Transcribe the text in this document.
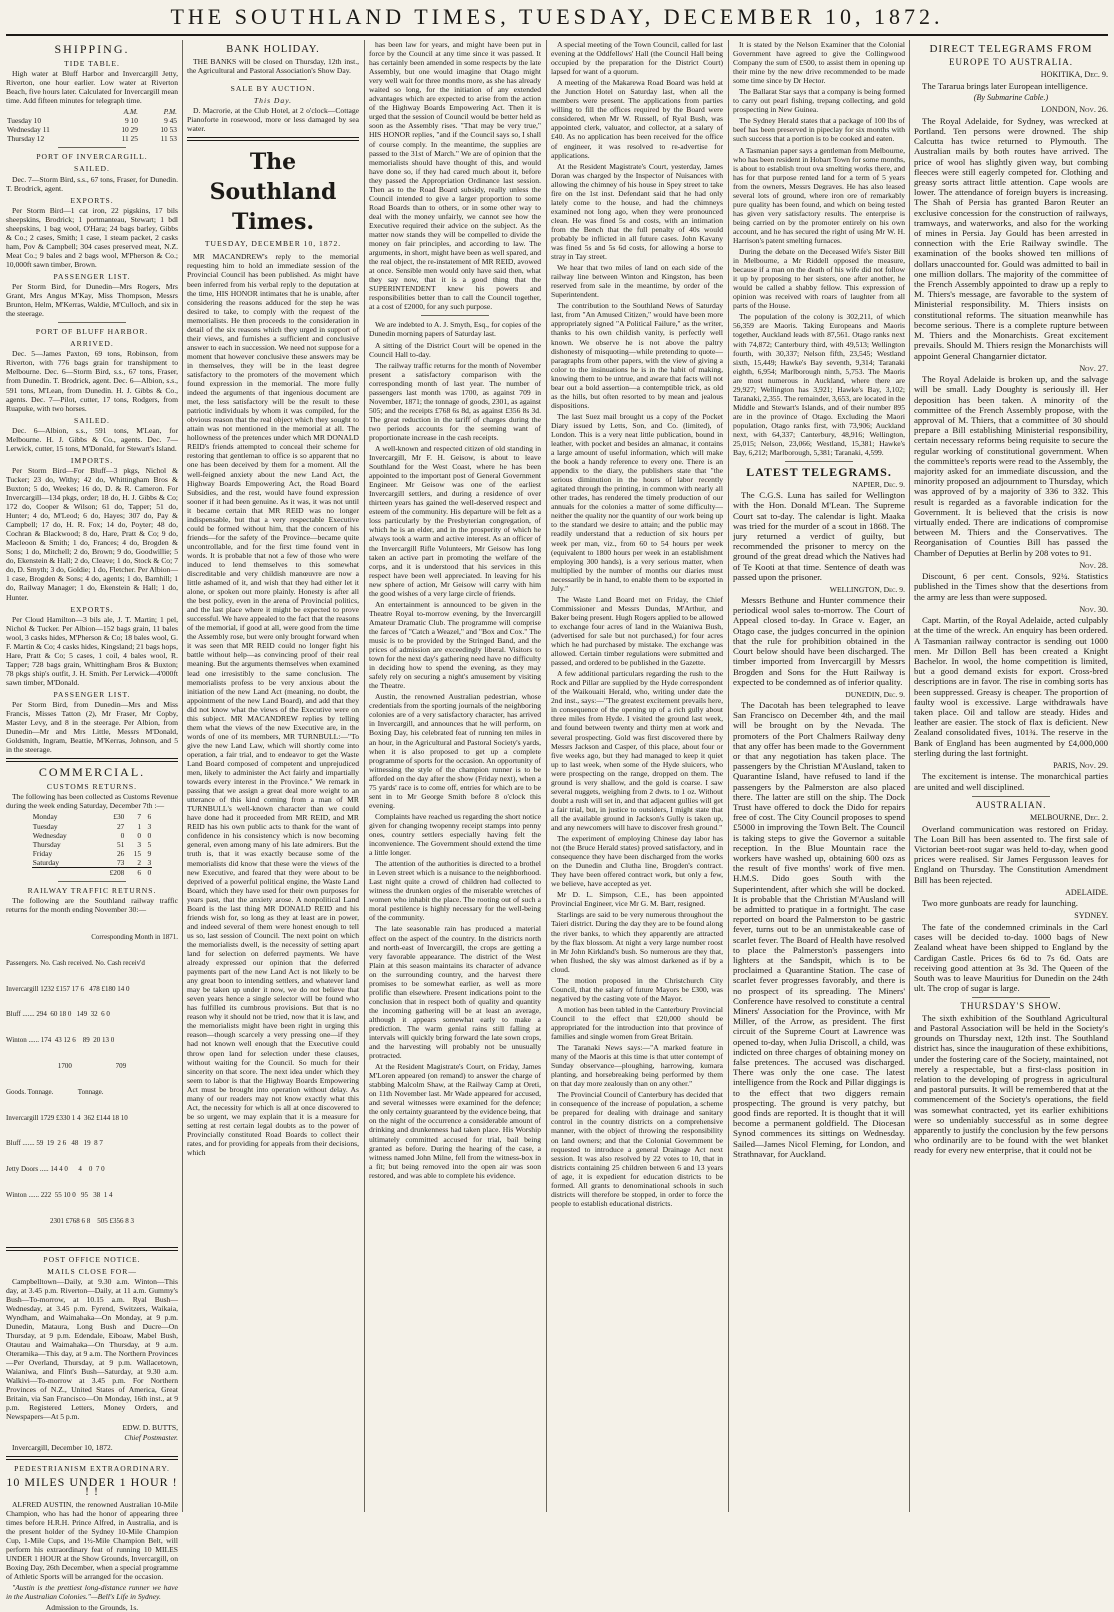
THE SOUTHLAND TIMES, TUESDAY, DECEMBER 10, 1872.
SHIPPING.
TIDE TABLE.

High water at Bluff Harbor and Invercargill Jetty, Riverton, one hour earlier. Low water at Riverton Beach, five hours later. Calculated for Invercargill mean time. Add fifteen minutes for telegraph time.

	A.M.	P.M.
Tuesday 10	9 10	9 45
Wednesday 11	10 29	10 53
Thursday 12	11 25	11 53
PORT OF INVERCARGILL.
SAILED.

Dec. 7—Storm Bird, s.s., 67 tons, Fraser, for Dunedin. T. Brodrick, agent.

EXPORTS.

Per Storm Bird—1 cat iron, 22 pigskins, 17 bils sheepskins, Brodrick; 1 portmanteau, Stewart; 1 bdl sheepskins, 1 bag wool, O'Hara; 24 bags barley, Gibbs & Co.; 2 cases, Smith; 1 case, 1 steam packet, 2 casks ham, Pov & Campbell; 304 cases preserved meat, N.Z. Meat Co.; 9 bales and 2 bags wool, M'Pherson & Co.; 10,000ft sawn timber, Brown.

PASSENGER LIST.

Per Storm Bird, for Dunedin—Mrs Rogers, Mrs Grant, Mrs Angus M'Kay, Miss Thompson, Messrs Brunton, Helm, M'Kerras, Waldie, M'Culloch, and six in the steerage.

PORT OF BLUFF HARBOR.
ARRIVED.

Dec. 5—James Paxton, 69 tons, Robinson, from Riverton, with 776 bags grain for transhipment to Melbourne. Dec. 6—Storm Bird, s.s., 67 tons, Fraser, from Dunedin. T. Brodrick, agent. Dec. 6—Albion, s.s., 591 tons, M'Lean, from Dunedin. H. J. Gibbs & Co., agents. Dec. 7—Pilot, cutter, 17 tons, Rodgers, from Ruapuke, with two horses.

SAILED.

Dec. 6—Albion, s.s., 591 tons, M'Lean, for Melbourne. H. J. Gibbs & Co., agents. Dec. 7—Lerwick, cutter, 15 tons, M'Donald, for Stewart's Island.

IMPORTS.

Per Storm Bird—For Bluff—3 pkgs, Nichol & Tucker; 23 do, Withy; 42 do, Whittingham Bros & Buxton; 5 do, Weekes; 16 do, D. & R. Cameron. For Invercargill—134 pkgs, order; 18 do, H. J. Gibbs & Co; 172 do, Cooper & Wilson; 61 do, Tapper; 51 do, Hunter; 4 do, M'Leod; 6 do, Hayes; 307 do, Pay & Campbell; 17 do, H. R. Fox; 14 do, Poyter; 48 do, Cochran & Blackwood; 8 do, Hare, Pratt & Co; 9 do, Macleoon & Smith; 1 do, Frances; 4 do, Brogden & Sons; 1 do, Mitchell; 2 do, Brown; 9 do, Goodwillie; 5 do, Ekenstein & Hall; 2 do, Cleave; 1 do, Stock & Co; 7 do, D. Smyth; 3 do, Goldie; 1 do, Fletcher. Per Albion—1 case, Brogden & Sons; 4 do, agents; 1 do, Barnhill; 1 do, Railway Manager; 1 do, Ekenstein & Hall; 1 do, Hunter.

EXPORTS.

Per Cloud Hamilton—3 bils ale, J. T. Martin; 1 pel, Nichol & Tucker. Per Albion—152 bags grain, 11 bales wool, 3 casks hides, M'Pherson & Co; 18 bales wool, G. F. Martin & Co; 4 casks hides, Kingsland; 21 bags hops, Hare, Pratt & Co; 5 cases, 1 coil, 4 bales wool, R. Tapper; 728 bags grain, Whittingham Bros & Buxton; 78 pkgs ship's outfit, J. H. Smith. Per Lerwick—4'000ft sawn timber, M'Donald.

PASSENGER LIST.

Per Storm Bird, from Dunedin—Mrs and Miss Francis, Misses Tatton (2), Mr Fraser, Mr Copby, Master Levy, and 8 in the steerage. Per Albion, from Dunedin—Mr and Mrs Little, Messrs M'Donald, Goldsmith, Ingram, Beattie, M'Kerras, Johnson, and 5 in the steerage.

COMMERCIAL.
CUSTOMS RETURNS.

The following has been collected as Customs Revenue during the week ending Saturday, December 7th :—

Monday	£30	7	6
Tuesday	27	1	3
Wednesday	0	0	0
Thursday	51	3	5
Friday	26	15	9
Saturday	73	2	3
	£208	6	0
RAILWAY TRAFFIC RETURNS.

The following are the Southland railway traffic returns for the month ending November 30:—

Corresponding Month in 1871.

Passengers. No. Cash received. No. Cash receiv'd

Invercargill 1232 £157 17 6   478 £180 14 0

Bluff ....... 294  60 18 0   149  32  6 0

Winton ...... 174  43 12 6    89  20 13 0

1700                         709

Goods. Tonnage.              Tonnage.

Invercargill 1729 £330 1 4  362 £144 18 10

Bluff ....... 59  19  2 6   48   19  8 7

Jetty Doors ..... 14 4 0      4    0  7 0

Winton ...... 222  55 10 0   95   38  1 4

2301 £768 6 8    505 £356 8 3

POST OFFICE NOTICE.
MAILS CLOSE FOR—

Campbelltown—Daily, at 9.30 a.m. Winton—This day, at 3.45 p.m. Riverton—Daily, at 11 a.m. Gummy's Bush—To-morrow, at 10.15 a.m. Ryal Bush—Wednesday, at 3.45 p.m. Fyrend, Switzers, Waikaia, Wyndham, and Waimahaka—On Monday, at 9 p.m. Dunedin, Mataura, Long Bush and Ducre—On Thursday, at 9 p.m. Edendale, Eiboaw, Mabel Bush, Otautau and Waimahaka—On Thursday, at 9 a.m. Oteramika—This day, at 9 a.m. The Northern Provinces—Per Overland, Thursday, at 9 p.m. Wallacetown, Waianiwa, and Flint's Bush—Saturday, at 9.30 a.m. Walkivi—To-morrow at 3.45 p.m. For Northern Provinces of N.Z., United States of America, Great Britain, via San Francisco—On Monday, 16th inst., at 9 p.m. Registered Letters, Money Orders, and Newspapers—At 5 p.m.

EDW. D. BUTTS,

Chief Postmaster.

Invercargill, December 10, 1872.

PEDESTRIANISM EXTRAORDINARY.
10 MILES UNDER 1 HOUR ! ! !

ALFRED AUSTIN, the renowned Australian 10-Mile Champion, who has had the honor of appearing three times before H.R.H. Prince Alfred, in Australia, and is the present holder of the Sydney 10-Mile Champion Cup, 1-Mile Cups, and 1½-Mile Champion Belt, will perform his extraordinary feat of running 10 MILES UNDER 1 HOUR at the Show Grounds, Invercargill, on Boxing Day, 26th December, when a special programme of Athletic Sports will be arranged for the occasion.

"Austin is the prettiest long-distance runner we have in the Australian Colonies."—Bell's Life in Sydney.

Admission to the Grounds, 1s.

BANK HOLIDAY.

THE BANKS will be closed on Thursday, 12th inst., the Agricultural and Pastoral Association's Show Day.

SALE BY AUCTION.
This Day.

D. Macrorie, at the Club Hotel, at 2 o'clock—Cottage Pianoforte in rosewood, more or less damaged by sea water.

The Southland Times.
TUESDAY, DECEMBER 10, 1872.

MR MACANDREW's reply to the memorial requesting him to hold an immediate session of the Provincial Council has been published. As might have been inferred from his verbal reply to the deputation at the time, HIS HONOR intimates that he is unable, after considering the reasons adduced for the step he was desired to take, to comply with the request of the memorialists. He then proceeds to the consideration in detail of the six reasons which they urged in support of their views, and furnishes a sufficient and conclusive answer to each in succession. We need not suppose for a moment that however conclusive these answers may be in themselves, they will be in the least degree satisfactory to the promoters of the movement which found expression in the memorial. The more fully indeed the arguments of that ingenious document are met, the less satisfactory will be the result to these patriotic individuals by whom it was compiled, for the obvious reason that the real object which they sought to attain was not mentioned in the memorial at all. The hollowness of the pretences under which MR DONALD REID's friends attempted to conceal their scheme for restoring that gentleman to office is so apparent that no one has been deceived by them for a moment. All the well-feigned anxiety about the new Land Act, the Highway Boards Empowering Act, the Road Board Subsidies, and the rest, would have found expression sooner if it had been genuine. As it was, it was not until it became certain that MR REID was no longer indispensable, but that a very respectable Executive could be formed without him, that the concern of his friends—for the safety of the Province—became quite uncontrollable, and for the first time found vent in words. It is probable that not a few of those who were induced to lend themselves to this somewhat discreditable and very childish manœuvre are now a little ashamed of it, and wish that they had either let it alone, or spoken out more plainly. Honesty is after all the best policy, even in the arena of Provincial politics, and the last place where it might be expected to prove successful. We have appealed to the fact that the reasons of the memorial, if good at all, were good from the time the Assembly rose, but were only brought forward when it was seen that MR REID could no longer fight his battle without help—as convincing proof of their real meaning. But the arguments themselves when examined lead one irresistibly to the same conclusion. The memorialists profess to be very anxious about the initiation of the new Land Act (meaning, no doubt, the appointment of the new Land Board), and add that they did not know what the views of the Executive were on this subject. MR MACANDREW replies by telling them what the views of the new Executive are, in the words of one of its members, MR TURNBULL:—"To give the new Land Law, which will shortly come into operation, a fair trial, and to endeavor to get the Waste Land Board composed of competent and unprejudiced men, likely to administer the Act fairly and impartially towards every interest in the Province." We remark in passing that we assign a great deal more weight to an utterance of this kind coming from a man of MR TURNBULL's well-known character than we could have done had it proceeded from MR REID, and MR REID has his own public acts to thank for the want of confidence in his consistency which is now becoming general, even among many of his late admirers. But the truth is, that it was exactly because some of the memorialists did know that these were the views of the new Executive, and feared that they were about to be deprived of a powerful political engine, the Waste Land Board, which they have used for their own purposes for years past, that the anxiety arose. A nonpolitical Land Board is the last thing MR DONALD REID and his friends wish for, so long as they at least are in power, and indeed several of them were honest enough to tell us so, last session of Council. The next point on which the memorialists dwell, is the necessity of setting apart land for selection on deferred payments. We have already expressed our opinion that the deferred payments part of the new Land Act is not likely to be any great boon to intending settlers, and whatever land may be taken up under it now, we do not believe that seven years hence a single selector will be found who has fulfilled its cumbrous provisions. But that is no reason why it should not be tried, now that it is law, and the memorialists might have been right in urging this reason—though scarcely a very pressing one—if they had not known well enough that the Executive could throw open land for selection under these clauses, without waiting for the Council. So much for their sincerity on that score. The next idea under which they seem to labor is that the Highway Boards Empowering Act must be brought into operation without delay. As many of our readers may not know exactly what this Act, the necessity for which is all at once discovered to be so urgent, we may explain that it is a measure for setting at rest certain legal doubts as to the power of Provincially constituted Road Boards to collect their rates, and for providing for appeals from their decisions, which

has been law for years, and might have been put in force by the Council at any time since it was passed. It has certainly been amended in some respects by the late Assembly, but one would imagine that Otago might very well wait for three months more, as she has already waited so long, for the initiation of any extended advantages which are expected to arise from the action of the Highway Boards Empowering Act. Then it is urged that the session of Council would be better held as soon as the Assembly rises. "That may be very true," HIS HONOR replies, "and if the Council says so, I shall of course comply. In the meantime, the supplies are passed to the 31st of March." We are of opinion that the memorialists should have thought of this, and would have done so, if they had cared much about it, before they passed the Appropriation Ordinance last session. Then as to the Road Board subsidy, really unless the Council intended to give a larger proportion to some Road Boards than to others, or in some other way to deal with the money unfairly, we cannot see how the Executive required their advice on the subject. As the matter now stands they will be compelled to divide the money on fair principles, and according to law. The arguments, in short, might have been as well spared, and the real object, the re-instatement of MR REID, avowed at once. Sensible men would only have said then, what they say now, that it is a good thing that the SUPERINTENDENT knew his powers and responsibilities better than to call the Council together, at a cost of £2000, for any such purpose.

We are indebted to A. J. Smyth, Esq., for copies of the Dunedin morning papers of Saturday last.

A sitting of the District Court will be opened in the Council Hall to-day.

The railway traffic returns for the month of November present a satisfactory comparison with the corresponding month of last year. The number of passengers last month was 1700, as against 709 in November, 1871; the tonnage of goods, 2301, as against 505; and the receipts £768 6s 8d, as against £356 8s 3d. The great reduction in the tariff of charges during the two periods accounts for the seeming want of proportionate increase in the cash receipts.

A well-known and respected citizen of old standing in Invercargill, Mr F. H. Geisow, is about to leave Southland for the West Coast, where he has been appointed to the important post of General Government Engineer. Mr Geisow was one of the earliest Invercargill settlers, and during a residence of over thirteen years has gained the well-deserved respect and esteem of the community. His departure will be felt as a loss particularly by the Presbyterian congregation, of which he is an elder, and in the prosperity of which he always took a warm and active interest. As an officer of the Invercargill Rifle Volunteers, Mr Geisow has long taken an active part in promoting the welfare of the corps, and it is understood that his services in this respect have been well appreciated. In leaving for his new sphere of action, Mr Geisow will carry with him the good wishes of a very large circle of friends.

An entertainment is announced to be given in the Theatre Royal to-morrow evening, by the Invercargill Amateur Dramatic Club. The programme will comprise the farces of "Catch a Weazel," and "Box and Cox." The music is to be provided by the Stringed Band, and the prices of admission are exceedingly liberal. Visitors to town for the next day's gathering need have no difficulty in deciding how to spend the evening, as they may safely rely on securing a night's amusement by visiting the Theatre.

Austin, the renowned Australian pedestrian, whose credentials from the sporting journals of the neighboring colonies are of a very satisfactory character, has arrived in Invercargill, and announces that he will perform, on Boxing Day, his celebrated feat of running ten miles in an hour, in the Agricultural and Pastoral Society's yards, when it is also proposed to get up a complete programme of sports for the occasion. An opportunity of witnessing the style of the champion runner is to be afforded on the day after the show (Friday next), when a 75 yards' race is to come off, entries for which are to be sent in to Mr George Smith before 8 o'clock this evening.

Complaints have reached us regarding the short notice given for changing twopenny receipt stamps into penny ones, country settlers especially having felt the inconvenience. The Government should extend the time a little longer.

The attention of the authorities is directed to a brothel in Leven street which is a nuisance to the neighborhood. Last night quite a crowd of children had collected to witness the drunken orgies of the miserable wretches of women who inhabit the place. The rooting out of such a moral pestilence is highly necessary for the well-being of the community.

The late seasonable rain has produced a material effect on the aspect of the country. In the districts north and north-east of Invercargill, the crops are getting a very favorable appearance. The district of the West Plain at this season maintains its character of advance on the surrounding country, and the harvest there promises to be somewhat earlier, as well as more prolific than elsewhere. Present indications point to the conclusion that in respect both of quality and quantity the incoming gathering will be at least an average, although it appears somewhat early to make a prediction. The warm genial rains still falling at intervals will quickly bring forward the late sown crops, and the harvesting will probably not be unusually protracted.

At the Resident Magistrate's Court, on Friday, James M'Loren appeared (on remand) to answer the charge of stabbing Malcolm Shaw, at the Railway Camp at Oreti, on 11th November last. Mr Wade appeared for accused, and several witnesses were examined for the defence; the only certainty guaranteed by the evidence being, that on the night of the occurrence a considerable amount of drinking and drunkenness had taken place. His Worship ultimately committed accused for trial, bail being granted as before. During the hearing of the case, a witness named John Milne, fell from the witness-box in a fit; but being removed into the open air was soon restored, and was able to complete his evidence.

A special meeting of the Town Council, called for last evening at the Oddfellows' Hall (the Council Hall being occupied by the preparation for the District Court) lapsed for want of a quorum.

A meeting of the Makarewa Road Board was held at the Junction Hotel on Saturday last, when all the members were present. The applications from parties willing to fill the offices required by the Board were considered, when Mr W. Russell, of Ryal Bush, was appointed clerk, valuator, and collector, at a salary of £40. As no application has been received for the office of engineer, it was resolved to re-advertise for applications.

At the Resident Magistrate's Court, yesterday, James Doran was charged by the Inspector of Nuisances with allowing the chimney of his house in Spey street to take fire on the 1st inst. Defendant said that he had only lately come to the house, and had the chimneys examined not long ago, when they were pronounced clean. He was fined 5s and costs, with an intimation from the Bench that the full penalty of 40s would probably be inflicted in all future cases. John Kavany was fined 5s and 5s 6d costs, for allowing a horse to stray in Tay street.

We hear that two miles of land on each side of the railway line between Winton and Kingston, has been reserved from sale in the meantime, by order of the Superintendent.

The contribution to the Southland News of Saturday last, from "An Amused Citizen," would have been more appropriately signed "A Political Failure," as the writer, thanks to his own childish vanity, is perfectly well known. We observe he is not above the paltry dishonesty of misquoting—while pretending to quote—paragraphs from other papers, with the view of giving a color to the insinuations he is in the habit of making, knowing them to be untrue, and aware that facts will not bear out a bold assertion—a contemptible trick, as old as the hills, but often resorted to by mean and jealous dispositions.

The last Suez mail brought us a copy of the Pocket Diary issued by Letts, Son, and Co. (limited), of London. This is a very neat little publication, bound in leather, with pocket and besides an almanac, it contains a large amount of useful information, which will make the book a handy reference to every one. There is an appendix to the diary, the publishers state that "the serious diminution in the hours of labor recently agitated through the printing, in common with nearly all other trades, has rendered the timely production of our annuals for the colonies a matter of some difficulty—neither the quality nor the quantity of our work being up to the standard we desire to attain; and the public may readily understand that a reduction of six hours per week per man, viz., from 60 to 54 hours per week (equivalent to 1800 hours per week in an establishment employing 300 hands), is a very serious matter, when multiplied by the number of months our diaries must necessarily be in hand, to enable them to be exported in July."

The Waste Land Board met on Friday, the Chief Commissioner and Messrs Dundas, M'Arthur, and Baker being present. Hugh Rogers applied to be allowed to exchange four acres of land in the Waianiwa Bush, (advertised for sale but not purchased,) for four acres which he had purchased by mistake. The exchange was allowed. Certain timber regulations were submitted and passed, and ordered to be published in the Gazette.

A few additional particulars regarding the rush to the Rock and Pillar are supplied by the Hyde correspondent of the Waikouaiti Herald, who, writing under date the 2nd inst., says:—"The greatest excitement prevails here, in consequence of the opening up of a rich gully about three miles from Hyde. I visited the ground last week, and found between twenty and thirty men at work and several prospecting. Gold was first discovered there by Messrs Jackson and Casper, of this place, about four or five weeks ago, but they had managed to keep it quiet up to last week, when some of the Hyde sluicers, who were prospecting on the range, dropped on them. The ground is very shallow, and the gold is coarse. I saw several nuggets, weighing from 2 dwts. to 1 oz. Without doubt a rush will set in, and that adjacent gullies will get a fair trial, but, in justice to outsiders, I might state that all the available ground in Jackson's Gully is taken up, and any newcomers will have to discover fresh ground."

The experiment of employing Chinese day labor has not (the Bruce Herald states) proved satisfactory, and in consequence they have been discharged from the works on the Dunedin and Clutha line, Brogden's contract. They have been offered contract work, but only a few, we believe, have accepted as yet.

Mr D. L. Simpson, C.E., has been appointed Provincial Engineer, vice Mr G. M. Barr, resigned.

Starlings are said to be very numerous throughout the Taieri district. During the day they are to be found along the river banks, to which they apparently are attracted by the flax blossom. At night a very large number roost in Mr John Kirkland's bush. So numerous are they that, when flushed, the sky was almost darkened as if by a cloud.

The motion proposed in the Christchurch City Council, that the salary of future Mayors be £300, was negatived by the casting vote of the Mayor.

A motion has been tabled in the Canterbury Provincial Council to the effect that £20,000 should be appropriated for the introduction into that province of families and single women from Great Britain.

The Taranaki News says:—"A marked feature in many of the Maoris at this time is that utter contempt of Sunday observance—ploughing, harrowing, kumara planting, and horsebreaking being performed by them on that day more zealously than on any other."

The Provincial Council of Canterbury has decided that in consequence of the increase of population, a scheme be prepared for dealing with drainage and sanitary control in the country districts on a comprehensive manner, with the object of throwing the responsibility on land owners; and that the Colonial Government be requested to introduce a general Drainage Act next session. It was also resolved by 22 votes to 10, that in districts containing 25 children between 6 and 13 years of age, it is expedient for education districts to be formed. All grants to denominational schools in such districts will therefore be stopped, in order to force the people to establish educational districts.

It is stated by the Nelson Examiner that the Colonial Government have agreed to give the Collingwood Company the sum of £500, to assist them in opening up their mine by the new drive recommended to be made some time since by Dr Hector.

The Ballarat Star says that a company is being formed to carry out pearl fishing, trepang collecting, and gold prospecting in New Guinea.

The Sydney Herald states that a package of 100 lbs of beef has been preserved in pipeclay for six months with such success that a portion is to be cooked and eaten.

A Tasmanian paper says a gentleman from Melbourne, who has been resident in Hobart Town for some months, is about to establish trout ova smelting works there, and has for that purpose rented land for a term of 5 years from the owners, Messrs Degraves. He has also leased several lots of ground, where iron ore of remarkably pure quality has been found, and which on being tested has given very satisfactory results. The enterprise is being carried on by the promoter entirely on his own account, and he has secured the right of using Mr W. H. Harrison's patent smelting furnaces.

During the debate on the Deceased Wife's Sister Bill in Melbourne, a Mr Riddell opposed the measure, because if a man on the death of his wife did not follow it up by proposing to her sisters, one after another, he would be called a shabby fellow. This expression of opinion was received with roars of laughter from all parts of the House.

The population of the colony is 302,211, of which 56,359 are Maoris. Taking Europeans and Maoris together, Auckland leads with 87,561. Otago ranks next with 74,872; Canterbury third, with 49,513; Wellington fourth, with 30,337; Nelson fifth, 23,545; Westland sixth, 15,449; Hawke's Bay seventh, 9,314; Taranaki eighth, 6,954; Marlborough ninth, 5,753. The Maoris are most numerous in Auckland, where there are 29,927; Wellington has 3,921; Hawke's Bay, 3,102; Taranaki, 2,355. The remainder, 3,653, are located in the Middle and Stewart's Islands, and of their number 895 are in the province of Otago. Excluding the Maori population, Otago ranks first, with 73,906; Auckland next, with 64,337; Canterbury, 48,916; Wellington, 25,015; Nelson, 23,066; Westland, 15,381; Hawke's Bay, 6,212; Marlborough, 5,381; Taranaki, 4,599.

LATEST TELEGRAMS.
NAPIER, Dec. 9.

The C.G.S. Luna has sailed for Wellington with the Hon. Donald M'Lean. The Supreme Court sat to-day. The calendar is light. Maaka was tried for the murder of a scout in 1868. The jury returned a verdict of guilty, but recommended the prisoner to mercy on the ground of the great dread which the Natives had of Te Kooti at that time. Sentence of death was passed upon the prisoner.

WELLINGTON, Dec. 9.

Messrs Bethune and Hunter commence their periodical wool sales to-morrow. The Court of Appeal closed to-day. In Grace v. Eager, an Otago case, the judges concurred in the opinion that the rule for prohibition obtained in the Court below should have been discharged. The timber imported from Invercargill by Messrs Brogden and Sons for the Hutt Railway is expected to be condemned as of inferior quality.

DUNEDIN, Dec. 9.

The Dacotah has been telegraphed to leave San Francisco on December 4th, and the mail will be brought on by the Nevada. The promoters of the Port Chalmers Railway deny that any offer has been made to the Government or that any negotiation has taken place. The passengers by the Christian M'Ausland, taken to Quarantine Island, have refused to land if the passengers by the Palmerston are also placed there. The latter are still on the ship. The Dock Trust have offered to dock the Dido for repairs free of cost. The City Council proposes to spend £5000 in improving the Town Belt. The Council is taking steps to give the Governor a suitable reception. In the Blue Mountain race the workers have washed up, obtaining 600 ozs as the result of five months' work of five men. H.M.S. Dido goes South with the Superintendent, after which she will be docked. It is probable that the Christian M'Ausland will be admitted to pratique in a fortnight. The case reported on board the Palmerston to be gastric fever, turns out to be an unmistakeable case of scarlet fever. The Board of Health have resolved to place the Palmerston's passengers into lighters at the Sandspit, which is to be proclaimed a Quarantine Station. The case of scarlet fever progresses favorably, and there is no prospect of its spreading. The Miners' Conference have resolved to constitute a central Miners' Association for the Province, with Mr Miller, of the Arrow, as president. The first circuit of the Supreme Court at Lawrence was opened to-day, when Julia Driscoll, a child, was indicted on three charges of obtaining money on false pretences. The accused was discharged. There was only the one case. The latest intelligence from the Rock and Pillar diggings is to the effect that two diggers remain prospecting. The ground is very patchy, but good finds are reported. It is thought that it will become a permanent goldfield. The Diocesan Synod commences its sittings on Wednesday. Sailed—James Nicol Fleming, for London, and Strathnavar, for Auckland.

DIRECT TELEGRAMS FROM
EUROPE TO AUSTRALIA.
HOKITIKA, Dec. 9.

The Tararua brings later European intelligence.

(By Submarine Cable.)

LONDON, Nov. 26.

The Royal Adelaide, for Sydney, was wrecked at Portland. Ten persons were drowned. The ship Calcutta has twice returned to Plymouth. The Australian mails by both routes have arrived. The price of wool has slightly given way, but combing fleeces were still eagerly competed for. Clothing and greasy sorts attract little attention. Cape wools are lower. The attendance of foreign buyers is increasing. The Shah of Persia has granted Baron Reuter an exclusive concession for the construction of railways, tramways, and waterworks, and also for the working of mines in Persia. Jay Gould has been arrested in connection with the Erie Railway swindle. The examination of the books showed ten millions of dollars unaccounted for. Gould was admitted to bail in one million dollars. The majority of the committee of the French Assembly appointed to draw up a reply to M. Thiers's message, are favorable to the system of Ministerial responsibility. M. Thiers insists on constitutional reforms. The situation meanwhile has become serious. There is a complete rupture between M. Thiers and the Monarchists. Great excitement prevails. Should M. Thiers resign the Monarchists will appoint General Changarnier dictator.

Nov. 27.

The Royal Adelaide is broken up, and the salvage will be small. Lady Doughty is seriously ill. Her deposition has been taken. A minority of the committee of the French Assembly propose, with the approval of M. Thiers, that a committee of 30 should prepare a Bill establishing Ministerial responsibility, certain necessary reforms being requisite to secure the regular working of constitutional government. When the committee's reports were read to the Assembly, the majority asked for an immediate discussion, and the minority proposed an adjournment to Thursday, which was approved of by a majority of 336 to 332. This result is regarded as a favorable indication for the Government. It is believed that the crisis is now virtually ended. There are indications of compromise between M. Thiers and the Conservatives. The Reorganisation of Counties Bill has passed the Chamber of Deputies at Berlin by 208 votes to 91.

Nov. 28.

Discount, 6 per cent. Consols, 92¼. Statistics published in the Times show that the desertions from the army are less than were supposed.

Nov. 30.

Capt. Martin, of the Royal Adelaide, acted culpably at the time of the wreck. An enquiry has been ordered. A Tasmanian railway contractor is sending out 1000 men. Mr Dillon Bell has been created a Knight Bachelor. In wool, the home competition is limited, but a good demand exists for export. Cross-bred descriptions are in favor. The rise in combing sorts has been suppressed. Greasy is cheaper. The proportion of faulty wool is excessive. Large withdrawals have taken place. Oil and tallow are steady. Hides and leather are easier. The stock of flax is deficient. New Zealand consolidated fives, 101¾. The reserve in the Bank of England has been augmented by £4,000,000 sterling during the last fortnight.

PARIS, Nov. 29.

The excitement is intense. The monarchical parties are united and well disciplined.

AUSTRALIAN.
MELBOURNE, Dec. 2.

Overland communication was restored on Friday. The Loan Bill has been assented to. The first sale of Victorian beet-root sugar was held to-day, when good prices were realised. Sir James Fergusson leaves for England on Thursday. The Constitution Amendment Bill has been rejected.

ADELAIDE.

Two more gunboats are ready for launching.

SYDNEY.

The fate of the condemned criminals in the Carl cases will be decided to-day. 1000 bags of New Zealand wheat have been shipped to England by the Cardigan Castle. Prices 6s 6d to 7s 6d. Oats are receiving good attention at 3s 3d. The Queen of the South was to leave Mauritius for Dunedin on the 24th ult. The crop of sugar is large.

THURSDAY'S SHOW.

The sixth exhibition of the Southland Agricultural and Pastoral Association will be held in the Society's grounds on Thursday next, 12th inst. The Southland district has, since the inauguration of these exhibitions, under the fostering care of the Society, maintained, not merely a respectable, but a first-class position in relation to the developing of progress in agricultural and pastoral pursuits. It will be remembered that at the commencement of the Society's operations, the field was somewhat contracted, yet its earlier exhibitions were so undeniably successful as in some degree apparently to justify the conclusion by the few persons who ordinarily are to be found with the wet blanket ready for every new enterprise, that it could not be
